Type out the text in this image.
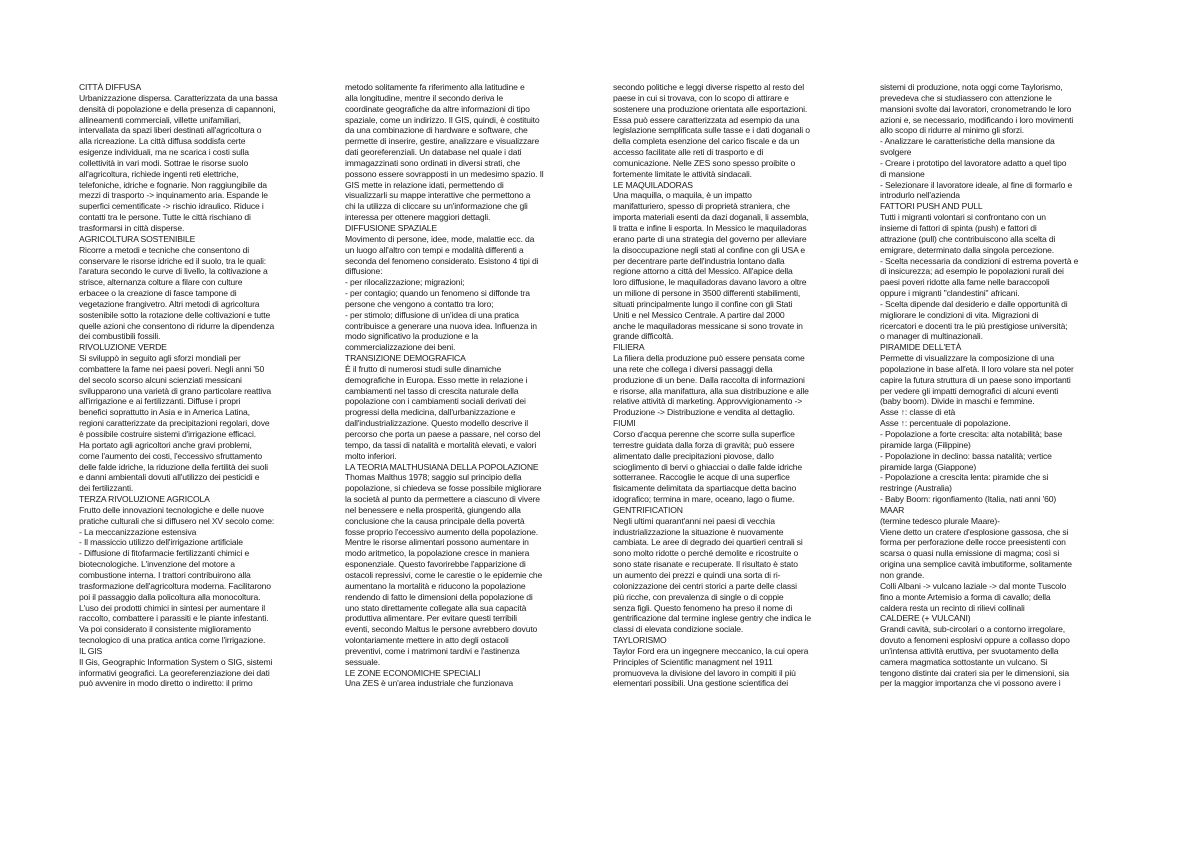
CITTÀ DIFFUSA
Urbanizzazione dispersa. Caratterizzata da una bassa
densità di popolazione e della presenza di capannoni,
allineamenti commerciali, villette unifamiliari,
intervallata da spazi liberi destinati all'agricoltura o
alla ricreazione. La città diffusa soddisfa certe
esigenze individuali, ma ne scarica i costi sulla
collettività in vari modi. Sottrae le risorse suolo
all'agricoltura, richiede ingenti reti elettriche,
telefoniche, idriche e fognarie. Non raggiungibile da
mezzi di trasporto -> inquinamento aria. Espande le
superfici cementificate -> rischio idraulico. Riduce i
contatti tra le persone. Tutte le città rischiano di
trasformarsi in città disperse.
AGRICOLTURA SOSTENIBILE
Ricorre a metodi e tecniche che consentono di
conservare le risorse idriche ed il suolo, tra le quali:
l'aratura secondo le curve di livello, la coltivazione a
strisce, alternanza colture a filare con culture
erbacee o la creazione di fasce tampone di
vegetazione frangivetro. Altri metodi di agricoltura
sostenibile sotto la rotazione delle coltivazioni e tutte
quelle azioni che consentono di ridurre la dipendenza
dei combustibili fossili.
RIVOLUZIONE VERDE
Si sviluppò in seguito agli sforzi mondiali per
combattere la fame nei paesi poveri. Negli anni '50
del secolo scorso alcuni scienziati messicani
svilupparono una varietà di grano particolare reattiva
all'irrigazione e ai fertilizzanti. Diffuse i propri
benefici soprattutto in Asia e in America Latina,
regioni caratterizzate da precipitazioni regolari, dove
è possibile costruire sistemi d'irrigazione efficaci.
Ha portato agli agricoltori anche gravi problemi,
come l'aumento dei costi, l'eccessivo sfruttamento
delle falde idriche, la riduzione della fertilità dei suoli
e danni ambientali dovuti all'utilizzo dei pesticidi e
dei fertilizzanti.
TERZA RIVOLUZIONE AGRICOLA
Frutto delle innovazioni tecnologiche e delle nuove
pratiche culturali che si diffusero nel XV secolo come:
- La meccanizzazione estensiva
- Il massiccio utilizzo dell'irrigazione artificiale
- Diffusione di fitofarmacie fertilizzanti chimici e
biotecnologiche. L'invenzione del motore a
combustione interna. I trattori contribuirono alla
trasformazione dell'agricoltura moderna. Facilitarono
poi il passaggio dalla policoltura alla monocoltura.
L'uso dei prodotti chimici in sintesi per aumentare il
raccolto, combattere i parassiti e le piante infestanti.
Va poi considerato il consistente miglioramento
tecnologico di una pratica antica come l'irrigazione.
IL GIS
Il Gis, Geographic Information System o SIG, sistemi
informativi geografici. La georeferenziazione dei dati
può avvenire in modo diretto o indiretto: il primo
metodo solitamente fa riferimento alla latitudine e
alla longitudine, mentre il secondo deriva le
coordinate geografiche da altre informazioni di tipo
spaziale, come un indirizzo. Il GIS, quindi, è costituito
da una combinazione di hardware e software, che
permette di inserire, gestire, analizzare e visualizzare
dati georeferenziali. Un database nel quale i dati
immagazzinati sono ordinati in diversi strati, che
possono essere sovrapposti in un medesimo spazio. Il
GIS mette in relazione idati, permettendo di
visualizzarli su mappe interattive che permettono a
chi la utilizza di cliccare su un'informazione che gli
interessa per ottenere maggiori dettagli.
DIFFUSIONE SPAZIALE
Movimento di persone, idee, mode, malattie ecc. da
un luogo all'altro con tempi e modalità differenti a
seconda del fenomeno considerato. Esistono 4 tipi di
diffusione:
- per rilocalizzazione; migrazioni;
- per contagio; quando un fenomeno si diffonde tra
persone che vengono a contatto tra loro;
- per stimolo; diffusione di un'idea di una pratica
contribuisce a generare una nuova idea. Influenza in
modo significativo la produzione e la
commercializzazione dei beni.
TRANSIZIONE DEMOGRAFICA
È il frutto di numerosi studi sulle dinamiche
demografiche in Europa. Esso mette in relazione i
cambiamenti nel tasso di crescita naturale della
popolazione con i cambiamenti sociali derivati dei
progressi della medicina, dall'urbanizzazione e
dall'industrializzazione. Questo modello descrive il
percorso che porta un paese a passare, nel corso del
tempo, da tassi di natalità e mortalità elevati, e valori
molto inferiori.
LA TEORIA MALTHUSIANA DELLA POPOLAZIONE
Thomas Malthus 1978; saggio sul principio della
popolazione, si chiedeva se fosse possibile migliorare
la società al punto da permettere a ciascuno di vivere
nel benessere e nella prosperità, giungendo alla
conclusione che la causa principale della povertà
fosse proprio l'eccessivo aumento della popolazione.
Mentre le risorse alimentari possono aumentare in
modo aritmetico, la popolazione cresce in maniera
esponenziale. Questo favorirebbe l'apparizione di
ostacoli repressivi, come le carestie o le epidemie che
aumentano la mortalità e riducono la popolazione
rendendo di fatto le dimensioni della popolazione di
uno stato direttamente collegate alla sua capacità
produttiva alimentare. Per evitare questi terribili
eventi, secondo Maltus le persone avrebbero dovuto
volontariamente mettere in atto degli ostacoli
preventivi, come i matrimoni tardivi e l'astinenza
sessuale.
LE ZONE ECONOMICHE SPECIALI
Una ZES è un'area industriale che funzionava
secondo politiche e leggi diverse rispetto al resto del
paese in cui si trovava, con lo scopo di attirare e
sostenere una produzione orientata alle esportazioni.
Essa può essere caratterizzata ad esempio da una
legislazione semplificata sulle tasse e i dati doganali o
della completa esenzione del carico fiscale e da un
accesso facilitate alle reti di trasporto e di
comunicazione. Nelle ZES sono spesso proibite o
fortemente limitate le attività sindacali.
LE MAQUILADORAS
Una maquilla, o maquila, è un impatto
manifatturiero, spesso di proprietà straniera, che
importa materiali esenti da dazi doganali, li assembla,
li tratta e infine li esporta. In Messico le maquiladoras
erano parte di una strategia del governo per alleviare
la disoccupazione negli stati al confine con gli USA e
per decentrare parte dell'industria lontano dalla
regione attorno a città del Messico. All'apice della
loro diffusione, le maquiladoras davano lavoro a oltre
un milione di persone in 3500 differenti stabilimenti,
situati principalmente lungo il confine con gli Stati
Uniti e nel Messico Centrale. A partire dal 2000
anche le maquiladoras messicane si sono trovate in
grande difficoltà.
FILIERA
La filiera della produzione può essere pensata come
una rete che collega i diversi passaggi della
produzione di un bene. Dalla raccolta di informazioni
e risorse, alla manifattura, alla sua distribuzione e alle
relative attività di marketing. Approvvigionamento ->
Produzione -> Distribuzione e vendita al dettaglio.
FIUMI
Corso d'acqua perenne che scorre sulla superfice
terrestre guidata dalla forza di gravità; può essere
alimentato dalle precipitazioni piovose, dallo
scioglimento di bervi o ghiacciai o dalle falde idriche
sotterranee. Raccoglie le acque di una superfice
fisicamente delimitata da spartiacque detta bacino
idografico; termina in mare, oceano, lago o fiume.
GENTRIFICATION
Negli ultimi quarant'anni nei paesi di vecchia
industrializzazione la situazione è nuovamente
cambiata. Le aree di degrado dei quartieri centrali si
sono molto ridotte o perché demolite e ricostruite o
sono state risanate e recuperate. Il risultato è stato
un aumento dei prezzi e quindi una sorta di ri-
colonizzazione dei centri storici a parte delle classi
più ricche, con prevalenza di single o di coppie
senza figli. Questo fenomeno ha preso il nome di
gentrificazione dal termine inglese gentry che indica le
classi di elevata condizione sociale.
TAYLORISMO
Taylor Ford era un ingegnere meccanico, la cui opera
Principles of Scientific managment nel 1911
promuoveva la divisione del lavoro in compiti il più
elementari possibili. Una gestione scientifica dei
sistemi di produzione, nota oggi come Taylorismo,
prevedeva che si studiassero con attenzione le
mansioni svolte dai lavoratori, cronometrando le loro
azioni e, se necessario, modificando i loro movimenti
allo scopo di ridurre al minimo gli sforzi.
- Analizzare le caratteristiche della mansione da
svolgere
- Creare i prototipo del lavoratore adatto a quel tipo
di mansione
- Selezionare il lavoratore ideale, al fine di formarlo e
introdurlo nell'azienda
FATTORI PUSH AND PULL
Tutti i migranti volontari si confrontano con un
insieme di fattori di spinta (push) e fattori di
attrazione (pull) che contribuiscono alla scelta di
emigrare, determinato dalla singola percezione.
- Scelta necessaria da condizioni di estrema povertà e
di insicurezza; ad esempio le popolazioni rurali dei
paesi poveri ridotte alla fame nelle baraccopoli
oppure i migranti "clandestini" africani.
- Scelta dipende dal desiderio e dalle opportunità di
migliorare le condizioni di vita. Migrazioni di
ricercatori e docenti tra le più prestigiose università;
o manager di multinazionali.
PIRAMIDE DELL'ETÀ
Permette di visualizzare la composizione di una
popolazione in base all'età. Il loro volare sta nel poter
capire la futura struttura di un paese sono importanti
per vedere gli impatti demografici di alcuni eventi
(baby boom). Divide in maschi e femmine.
Asse ↑: classe di età
Asse ↑: percentuale di popolazione.
- Popolazione a forte crescita: alta notabilità; base
piramide larga (Filippine)
- Popolazione in declino: bassa natalità; vertice
piramide larga (Giappone)
- Popolazione a crescita lenta: piramide che si
restringe (Australia)
- Baby Boom: rigonfiamento (Italia, nati anni '60)
MAAR
(termine tedesco plurale Maare)-
Viene detto un cratere d'esplosione gassosa, che si
forma per perforazione delle rocce preesistenti con
scarsa o quasi nulla emissione di magma; così si
origina una semplice cavità imbutiforme, solitamente
non grande.
Colli Albani -> vulcano laziale -> dal monte Tuscolo
fino a monte Artemisio a forma di cavallo; della
caldera resta un recinto di rilievi collinali
CALDERE (+ VULCANI)
Grandi cavità, sub-circolari o a contorno irregolare,
dovuto a fenomeni esplosivi oppure a collasso dopo
un'intensa attività eruttiva, per svuotamento della
camera magmatica sottostante un vulcano. Si
tengono distinte dai crateri sia per le dimensioni, sia
per la maggior importanza che vi possono avere i
